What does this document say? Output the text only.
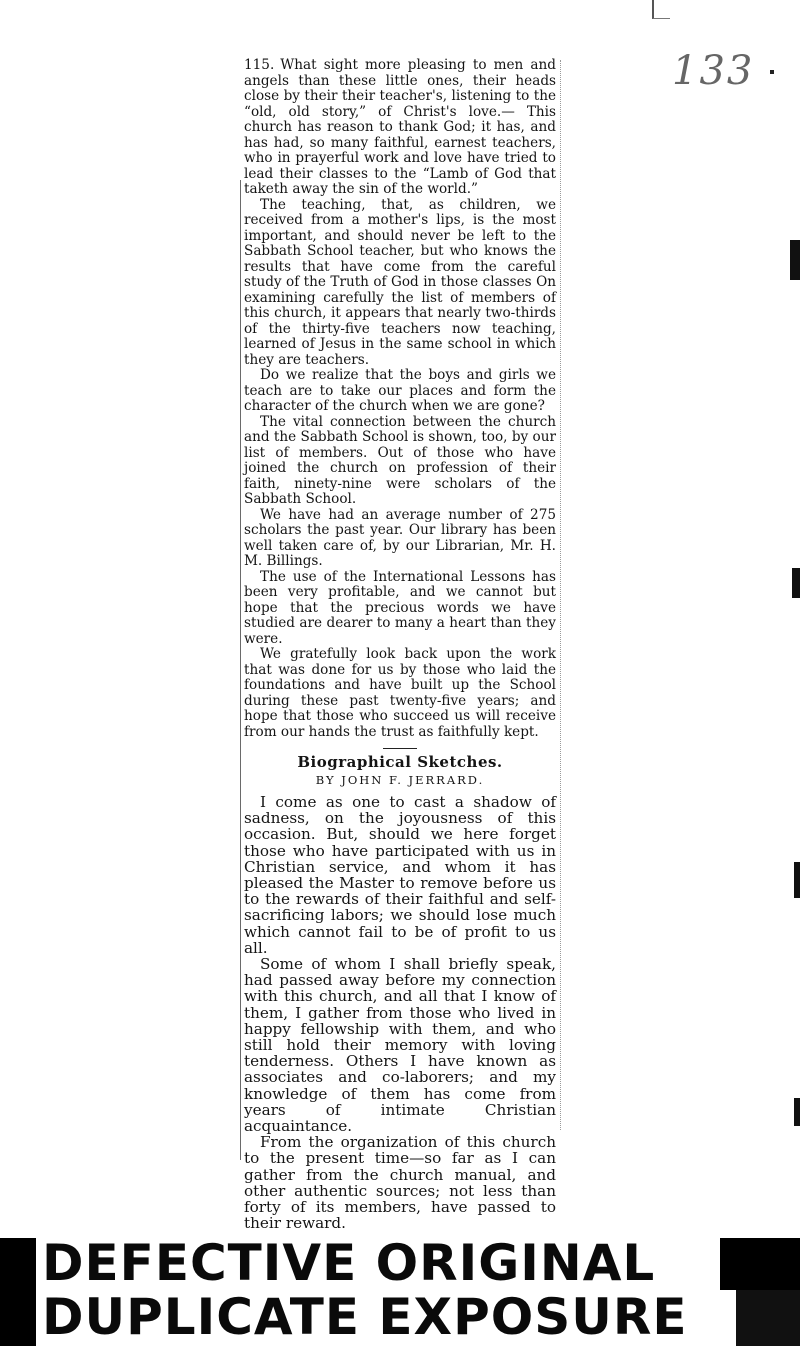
133

115. What sight more pleasing to men and angels than these little ones, their heads close by their their teacher's, listening to the “old, old story,” of Christ's love.— This church has reason to thank God; it has, and has had, so many faithful, earnest teachers, who in prayerful work and love have tried to lead their classes to the “Lamb of God that taketh away the sin of the world.”

The teaching, that, as children, we received from a mother's lips, is the most important, and should never be left to the Sabbath School teacher, but who knows the results that have come from the careful study of the Truth of God in those classes On examining carefully the list of members of this church, it appears that nearly two-thirds of the thirty-five teachers now teaching, learned of Jesus in the same school in which they are teachers.

Do we realize that the boys and girls we teach are to take our places and form the character of the church when we are gone?

The vital connection between the church and the Sabbath School is shown, too, by our list of members. Out of those who have joined the church on profession of their faith, ninety-nine were scholars of the Sabbath School.

We have had an average number of 275 scholars the past year. Our library has been well taken care of, by our Librarian, Mr. H. M. Billings.

The use of the International Lessons has been very profitable, and we cannot but hope that the precious words we have studied are dearer to many a heart than they were.

We gratefully look back upon the work that was done for us by those who laid the foundations and have built up the School during these past twenty-five years; and hope that those who succeed us will receive from our hands the trust as faithfully kept.

Biographical Sketches.
BY JOHN F. JERRARD.

I come as one to cast a shadow of sadness, on the joyousness of this occasion. But, should we here forget those who have participated with us in Christian service, and whom it has pleased the Master to remove before us to the rewards of their faithful and self-sacrificing labors; we should lose much which cannot fail to be of profit to us all.

Some of whom I shall briefly speak, had passed away before my connection with this church, and all that I know of them, I gather from those who lived in happy fellowship with them, and who still hold their memory with loving tenderness. Others I have known as associates and co-laborers; and my knowledge of them has come from years of intimate Christian acquaintance.

From the organization of this church to the present time—so far as I can gather from the church manual, and other authentic sources; not less than forty of its members, have passed to their reward.

DEFECTIVE ORIGINAL
DUPLICATE EXPOSURE
